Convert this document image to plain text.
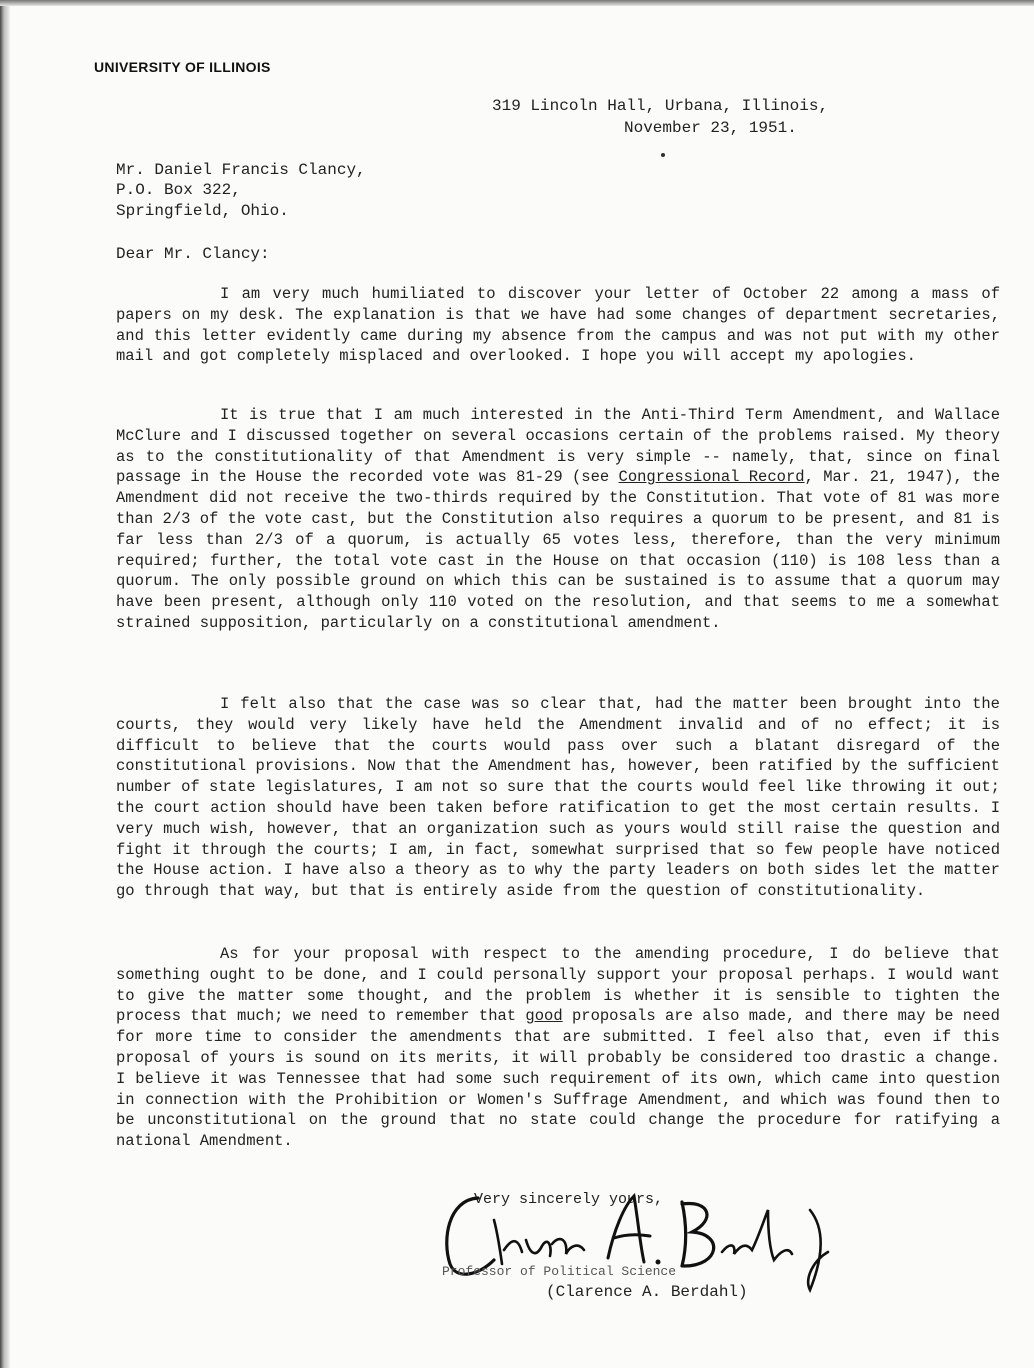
UNIVERSITY OF ILLINOIS
319 Lincoln Hall, Urbana, Illinois,
November 23, 1951.
Mr. Daniel Francis Clancy,
P.O. Box 322,
Springfield, Ohio.
Dear Mr. Clancy:
I am very much humiliated to discover your letter of October 22 among a mass of papers on my desk. The explanation is that we have had some changes of department secretaries, and this letter evidently came during my absence from the campus and was not put with my other mail and got completely misplaced and overlooked. I hope you will accept my apologies.
It is true that I am much interested in the Anti-Third Term Amendment, and Wallace McClure and I discussed together on several occasions certain of the problems raised. My theory as to the constitutionality of that Amendment is very simple -- namely, that, since on final passage in the House the recorded vote was 81-29 (see Congressional Record, Mar. 21, 1947), the Amendment did not receive the two-thirds required by the Constitution. That vote of 81 was more than 2/3 of the vote cast, but the Constitution also requires a quorum to be present, and 81 is far less than 2/3 of a quorum, is actually 65 votes less, therefore, than the very minimum required; further, the total vote cast in the House on that occasion (110) is 108 less than a quorum. The only possible ground on which this can be sustained is to assume that a quorum may have been present, although only 110 voted on the resolution, and that seems to me a somewhat strained supposition, particularly on a constitutional amendment.
I felt also that the case was so clear that, had the matter been brought into the courts, they would very likely have held the Amendment invalid and of no effect; it is difficult to believe that the courts would pass over such a blatant disregard of the constitutional provisions. Now that the Amendment has, however, been ratified by the sufficient number of state legislatures, I am not so sure that the courts would feel like throwing it out; the court action should have been taken before ratification to get the most certain results. I very much wish, however, that an organization such as yours would still raise the question and fight it through the courts; I am, in fact, somewhat surprised that so few people have noticed the House action. I have also a theory as to why the party leaders on both sides let the matter go through that way, but that is entirely aside from the question of constitutionality.
As for your proposal with respect to the amending procedure, I do believe that something ought to be done, and I could personally support your proposal perhaps. I would want to give the matter some thought, and the problem is whether it is sensible to tighten the process that much; we need to remember that good proposals are also made, and there may be need for more time to consider the amendments that are submitted. I feel also that, even if this proposal of yours is sound on its merits, it will probably be considered too drastic a change. I believe it was Tennessee that had some such requirement of its own, which came into question in connection with the Prohibition or Women's Suffrage Amendment, and which was found then to be unconstitutional on the ground that no state could change the procedure for ratifying a national Amendment.
Very sincerely yours,
Professor of Political Science
(Clarence A. Berdahl)
